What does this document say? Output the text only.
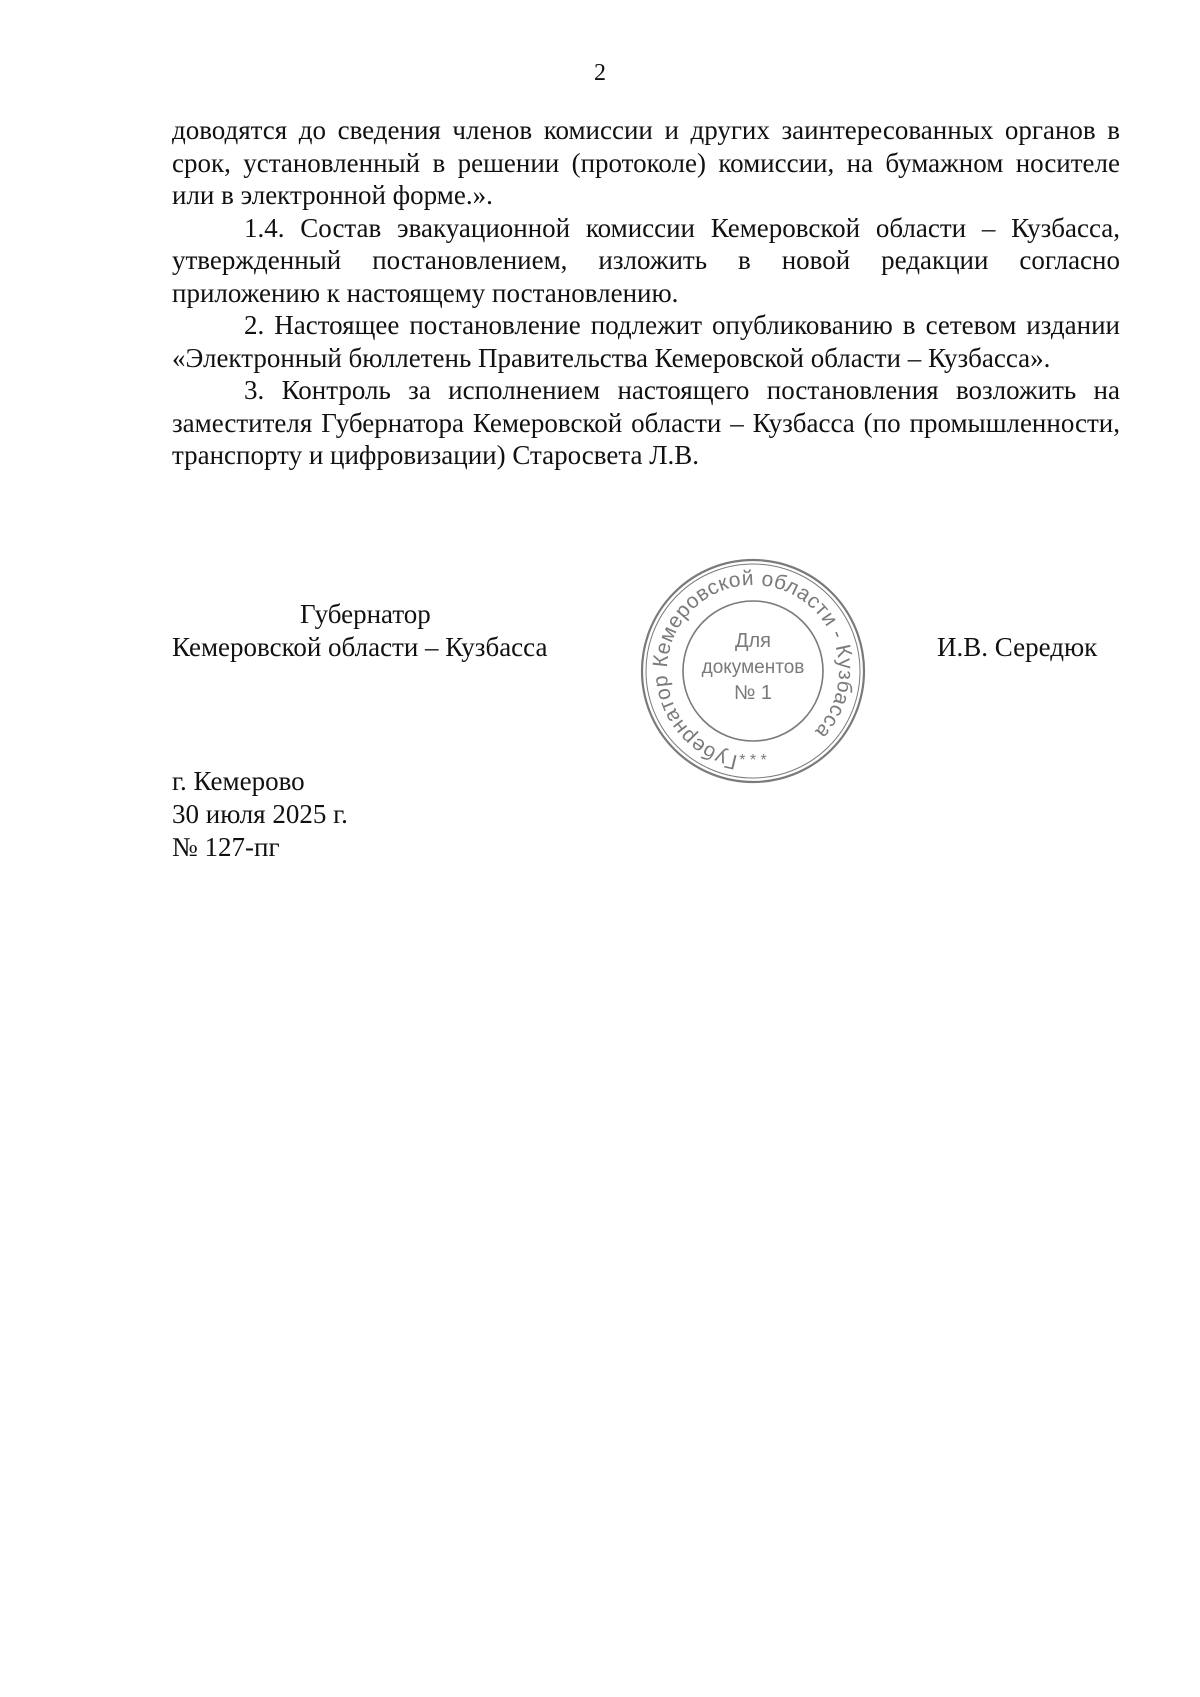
2

доводятся до сведения членов комиссии и других заинтересованных органов в срок, установленный в решении (протоколе) комиссии, на бумажном носителе или в электронной форме.».

1.4. Состав эвакуационной комиссии Кемеровской области – Кузбасса, утвержденный постановлением, изложить в новой редакции согласно приложению к настоящему постановлению.

2. Настоящее постановление подлежит опубликованию в сетевом издании «Электронный бюллетень Правительства Кемеровской области – Кузбасса».

3. Контроль за исполнением настоящего постановления возложить на заместителя Губернатора Кемеровской области – Кузбасса (по промышленности, транспорту и цифровизации) Старосвета Л.В.

Губернатор
Кемеровской области – Кузбасса	И.В. Середюк
Губернатор Кемеровской области - Кузбасса
Для
документов
№ 1
* * *
г. Кемерово
30 июля 2025 г.
№ 127-пг
